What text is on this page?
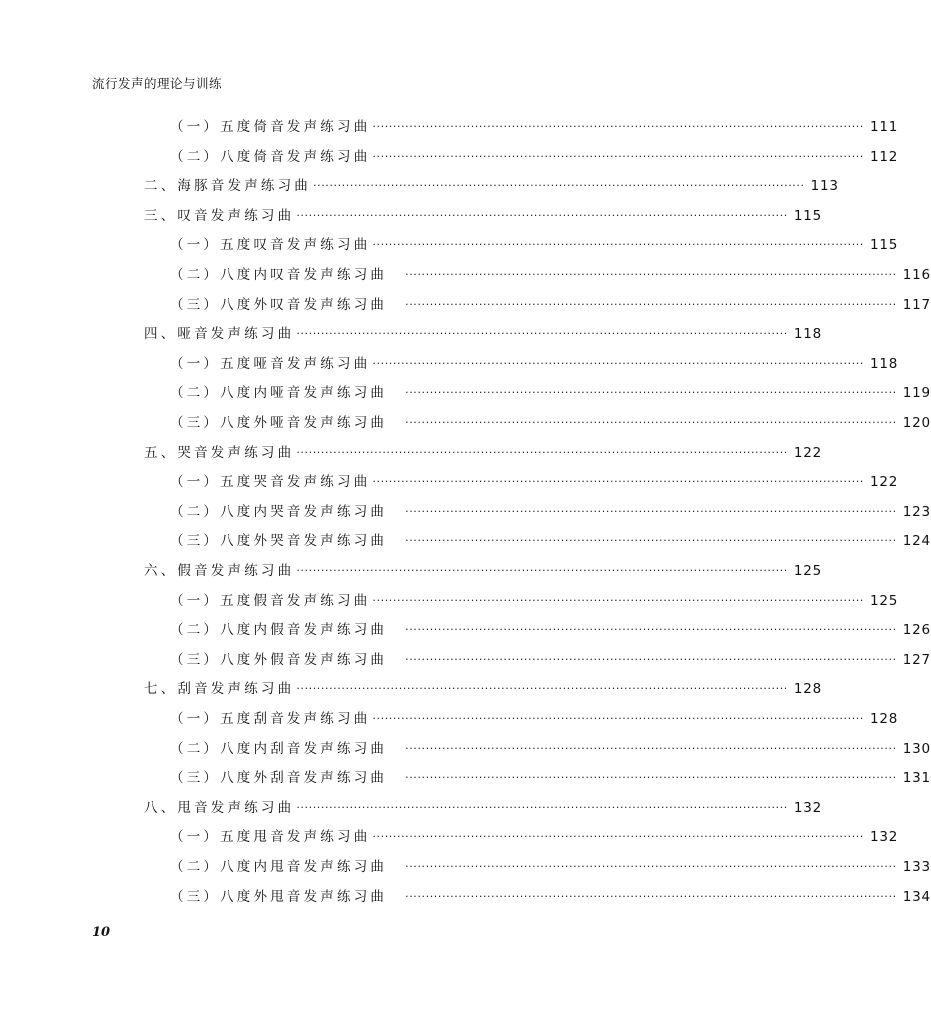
流行发声的理论与训练
（一）五度倚音发声练习曲 ························································································································ 111
（二）八度倚音发声练习曲 ························································································································ 112
二、海豚音发声练习曲 ························································································································ 113
三、叹音发声练习曲 ························································································································ 115
（一）五度叹音发声练习曲 ························································································································ 115
（二）八度内叹音发声练习曲 ························································································································ 116
（三）八度外叹音发声练习曲 ························································································································ 117
四、哑音发声练习曲 ························································································································ 118
（一）五度哑音发声练习曲 ························································································································ 118
（二）八度内哑音发声练习曲 ························································································································ 119
（三）八度外哑音发声练习曲 ························································································································ 120
五、哭音发声练习曲 ························································································································ 122
（一）五度哭音发声练习曲 ························································································································ 122
（二）八度内哭音发声练习曲 ························································································································ 123
（三）八度外哭音发声练习曲 ························································································································ 124
六、假音发声练习曲 ························································································································ 125
（一）五度假音发声练习曲 ························································································································ 125
（二）八度内假音发声练习曲 ························································································································ 126
（三）八度外假音发声练习曲 ························································································································ 127
七、刮音发声练习曲 ························································································································ 128
（一）五度刮音发声练习曲 ························································································································ 128
（二）八度内刮音发声练习曲 ························································································································ 130
（三）八度外刮音发声练习曲 ························································································································ 131
八、甩音发声练习曲 ························································································································ 132
（一）五度甩音发声练习曲 ························································································································ 132
（二）八度内甩音发声练习曲 ························································································································ 133
（三）八度外甩音发声练习曲 ························································································································ 134
10
